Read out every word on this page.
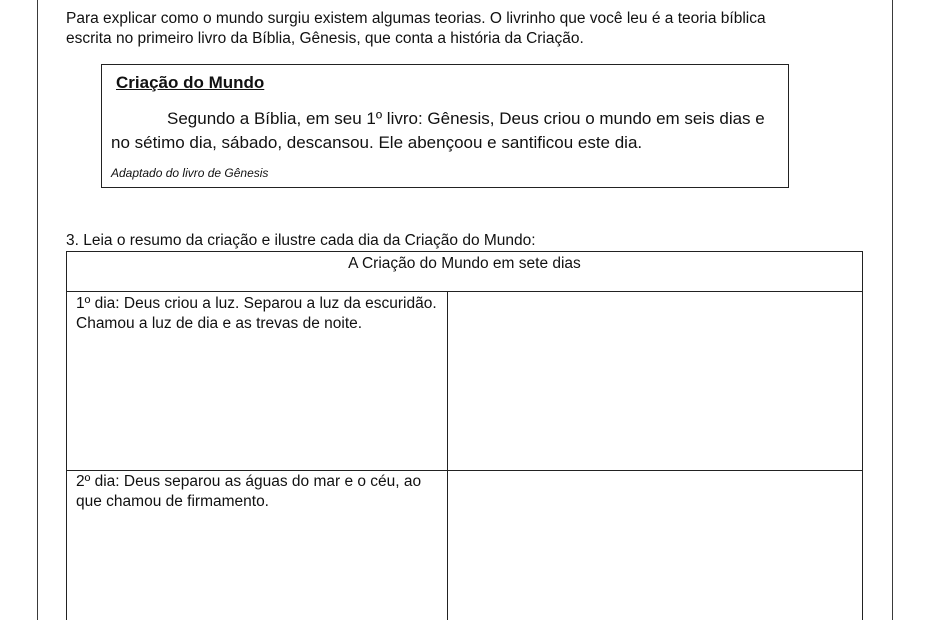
Para explicar como o mundo surgiu existem algumas teorias. O livrinho que você leu é a teoria bíblica

escrita no primeiro livro da Bíblia, Gênesis, que conta a história da Criação.

Criação do Mundo

Segundo a Bíblia, em seu 1º livro: Gênesis, Deus criou o mundo em seis dias e no sétimo dia, sábado, descansou. Ele abençoou e santificou este dia.

Adaptado do livro de Gênesis
3. Leia o resumo da criação e ilustre cada dia da Criação do Mundo:
A Criação do Mundo em sete dias
1º dia: Deus criou a luz. Separou a luz da escuridão. Chamou a luz de dia e as trevas de noite.
2º dia: Deus separou as águas do mar e o céu, ao que chamou de firmamento.
